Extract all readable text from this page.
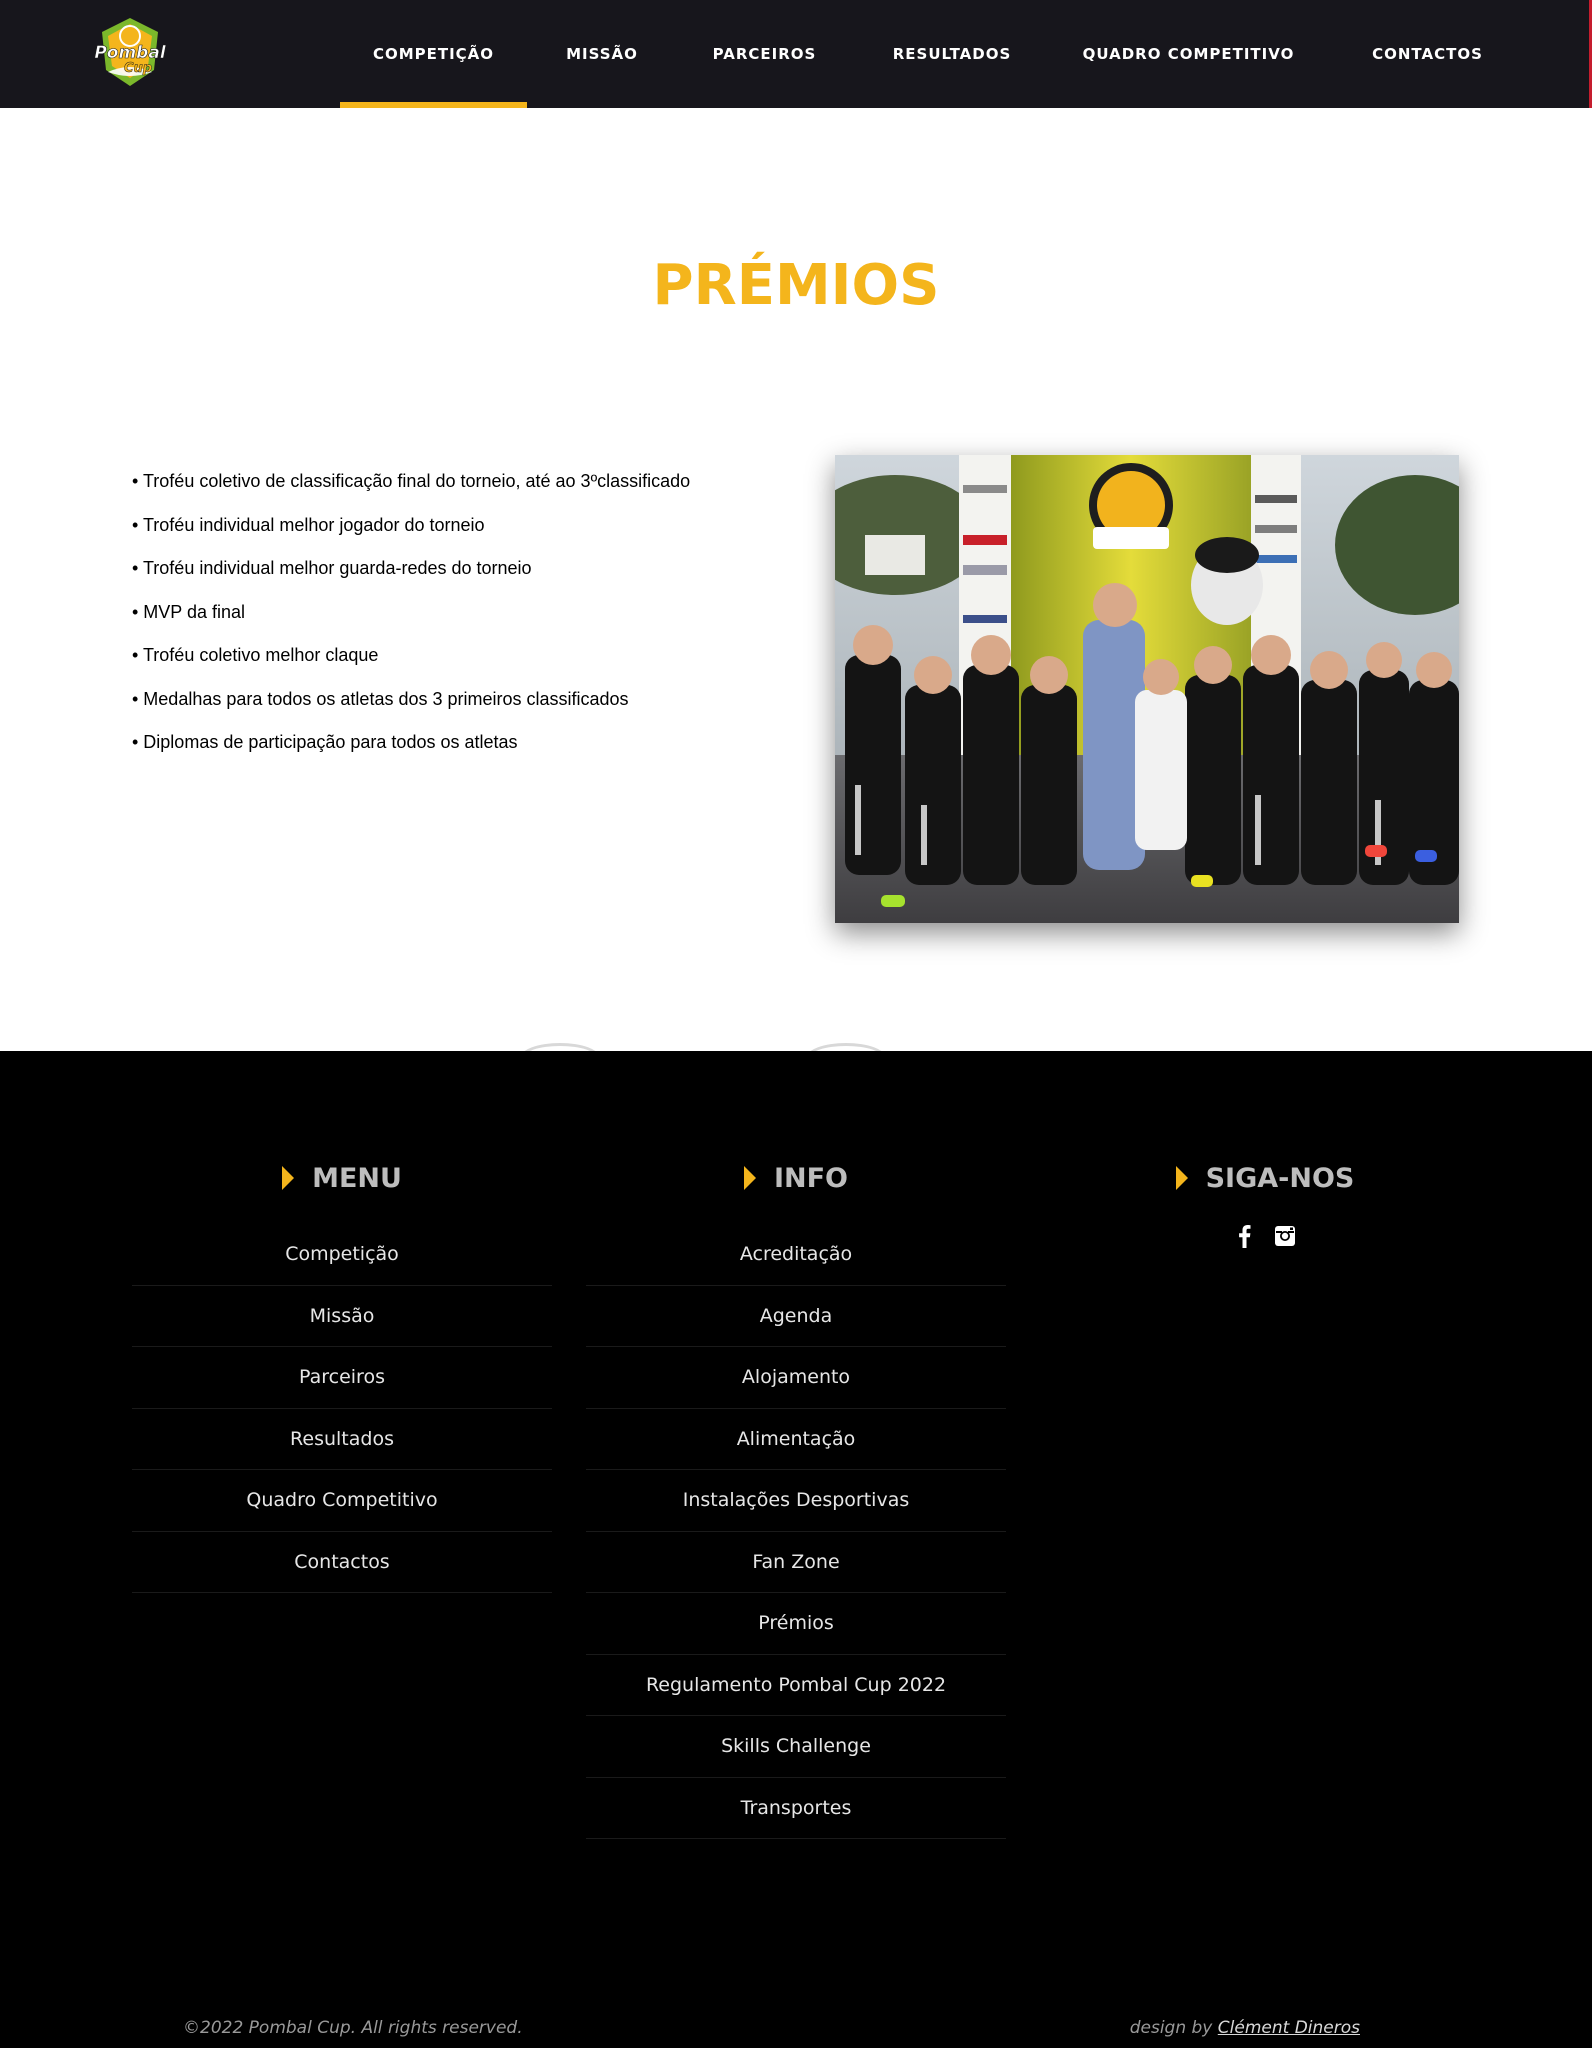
Pombal
Cup
COMPETIÇÃO	MISSÃO	PARCEIROS	RESULTADOS	QUADRO COMPETITIVO	CONTACTOS
PRÉMIOS
• Troféu coletivo de classificação final do torneio, até ao 3ºclassificado
• Troféu individual melhor jogador do torneio
• Troféu individual melhor guarda-redes do torneio
• MVP da final
• Troféu coletivo melhor claque
• Medalhas para todos os atletas dos 3 primeiros classificados
• Diplomas de participação para todos os atletas
MENU
Competição
Missão
Parceiros
Resultados
Quadro Competitivo
Contactos
INFO
Acreditação
Agenda
Alojamento
Alimentação
Instalações Desportivas
Fan Zone
Prémios
Regulamento Pombal Cup 2022
Skills Challenge
Transportes
SIGA-NOS

©2022 Pombal Cup. All rights reserved.	design by Clément Dineros
